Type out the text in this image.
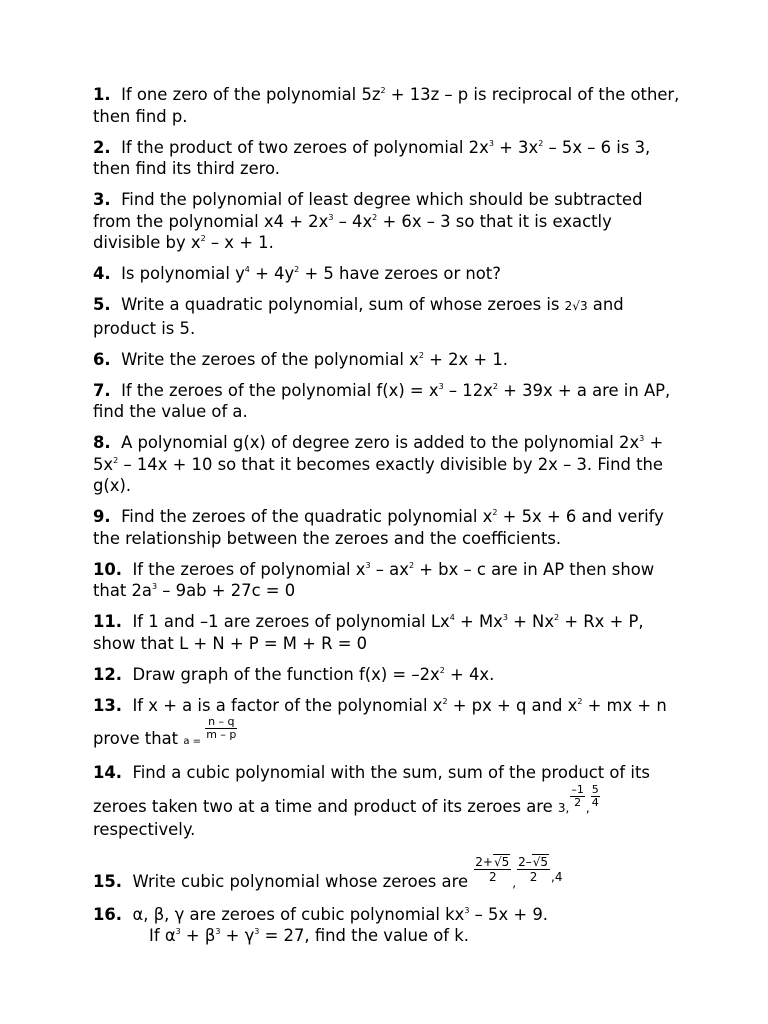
1. If one zero of the polynomial $5z^2 + 13z - p$ is reciprocal of the other, then find p.
2. If the product of two zeroes of polynomial $2x^3 + 3x^2 - 5x - 6$ is 3, then find its third zero.
3. Find the polynomial of least degree which should be subtracted from the polynomial $x4 + 2x^3 - 4x^2 + 6x - 3$ so that it is exactly divisible by $x^2 - x + 1$.
4. Is polynomial $y^4 + 4y^2 + 5$ have zeroes or not?
5. Write a quadratic polynomial, sum of whose zeroes is 2√3 and product is 5.
6. Write the zeroes of the polynomial $x^2 + 2x + 1$.
7. If the zeroes of the polynomial $f(x) = x^3 - 12x^2 + 39x + a$ are in AP, find the value of a.
8. A polynomial g(x) of degree zero is added to the polynomial $2x^3 + 5x^2 - 14x + 10$ so that it becomes exactly divisible by 2x – 3. Find the g(x).
9. Find the zeroes of the quadratic polynomial $x^2 + 5x + 6$ and verify the relationship between the zeroes and the coefficients.
10. If the zeroes of polynomial $x^3 - ax^2$ + bx – c are in AP then show that $2a^3 - 9ab + 27c = 0$
11. If 1 and –1 are zeroes of polynomial $Lx^4 + Mx^3 + Nx^2 + Rx + P$, show that L + N + P = M + R = 0
12. Draw graph of the function $f(x) = -2x^2 + 4x$.
13. If x + a is a factor of the polynomial $x^2$ + px + q and $x^2$ + mx + n prove that a =
$\frac{n - q}{m - p}$
14. Find a cubic polynomial with the sum, sum of the product of its zeroes taken two at a time and product of its zeroes are 3, $\frac{-1}{2}$ , $\frac{5}{4}$
respectively.
15. Write cubic polynomial whose zeroes are $\frac{2+√5}{2}$ , $\frac{2-√5}{2} ^{,4}$
16. α, β, γ are zeroes of cubic polynomial $kx^3 - 5x + 9$.
If $\alpha^3 + \beta^3 + \gamma^3 = 27$, find the value of k.
